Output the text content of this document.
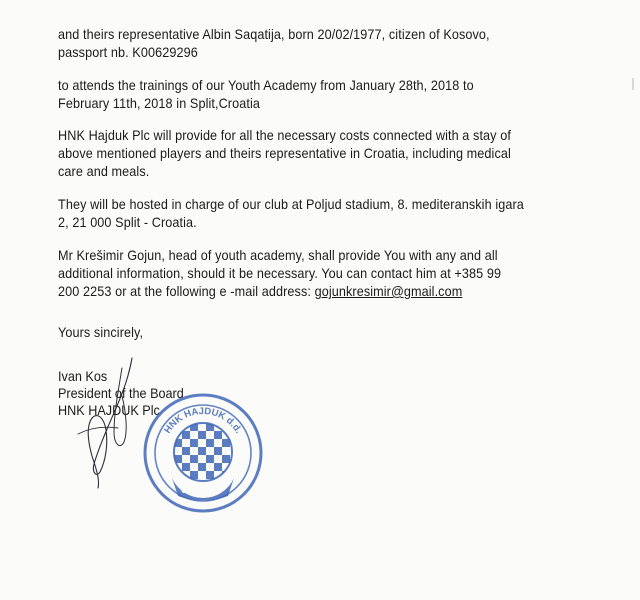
and theirs representative Albin Saqatija, born 20/02/1977, citizen of Kosovo,
passport nb. K00629296
to attends the trainings of our Youth Academy from January 28th, 2018 to
February 11th, 2018 in Split,Croatia
HNK Hajduk Plc will provide for all the necessary costs connected with a stay of
above mentioned players and theirs representative in Croatia, including medical
care and meals.
They will be hosted in charge of our club at Poljud stadium, 8. mediteranskih igara
2, 21 000 Split - Croatia.
Mr Krešimir Gojun, head of youth academy, shall provide You with any and all
additional information, should it be necessary. You can contact him at +385 99
200 2253 or at the following e -mail address: gojunkresimir@gmail.com
Yours sincirely,
Ivan Kos
President of the Board
HNK HAJDUK Plc
HNK HAJDUK d.d.
SPLIT
